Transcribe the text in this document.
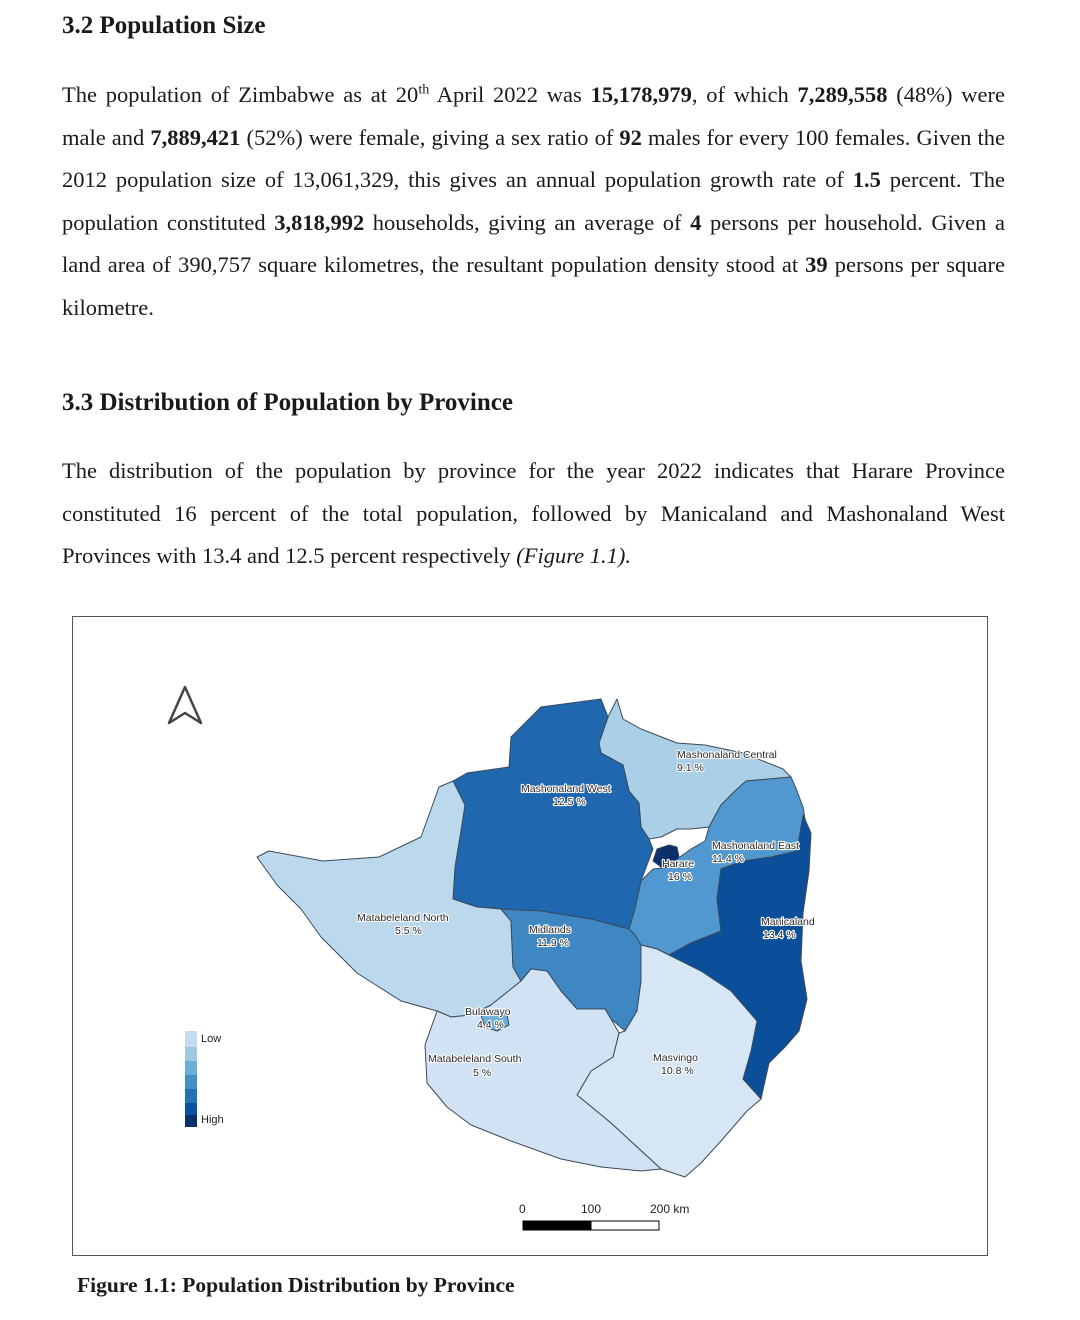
3.2 Population Size

The population of Zimbabwe as at 20th April 2022 was 15,178,979, of which 7,289,558 (48%) were male and 7,889,421 (52%) were female, giving a sex ratio of 92 males for every 100 females. Given the 2012 population size of 13,061,329, this gives an annual population growth rate of 1.5 percent. The population constituted 3,818,992 households, giving an average of 4 persons per household. Given a land area of 390,757 square kilometres, the resultant population density stood at 39 persons per square kilometre.

3.3 Distribution of Population by Province

The distribution of the population by province for the year 2022 indicates that Harare Province constituted 16 percent of the total population, followed by Manicaland and Mashonaland West Provinces with 13.4 and 12.5 percent respectively (Figure 1.1).

Mashonaland Central
9.1 %
Mashonaland West
12.5 %
Mashonaland East
11.4 %
Harare
16 %
Manicaland
13.4 %
Matabeleland North
5.5 %	Midlands
11.9 %
Bulawayo
4.4 %
Matabeleland South
5 %
Masvingo
10.8 %
Low
High
0	100	200 km

Figure 1.1: Population Distribution by Province
